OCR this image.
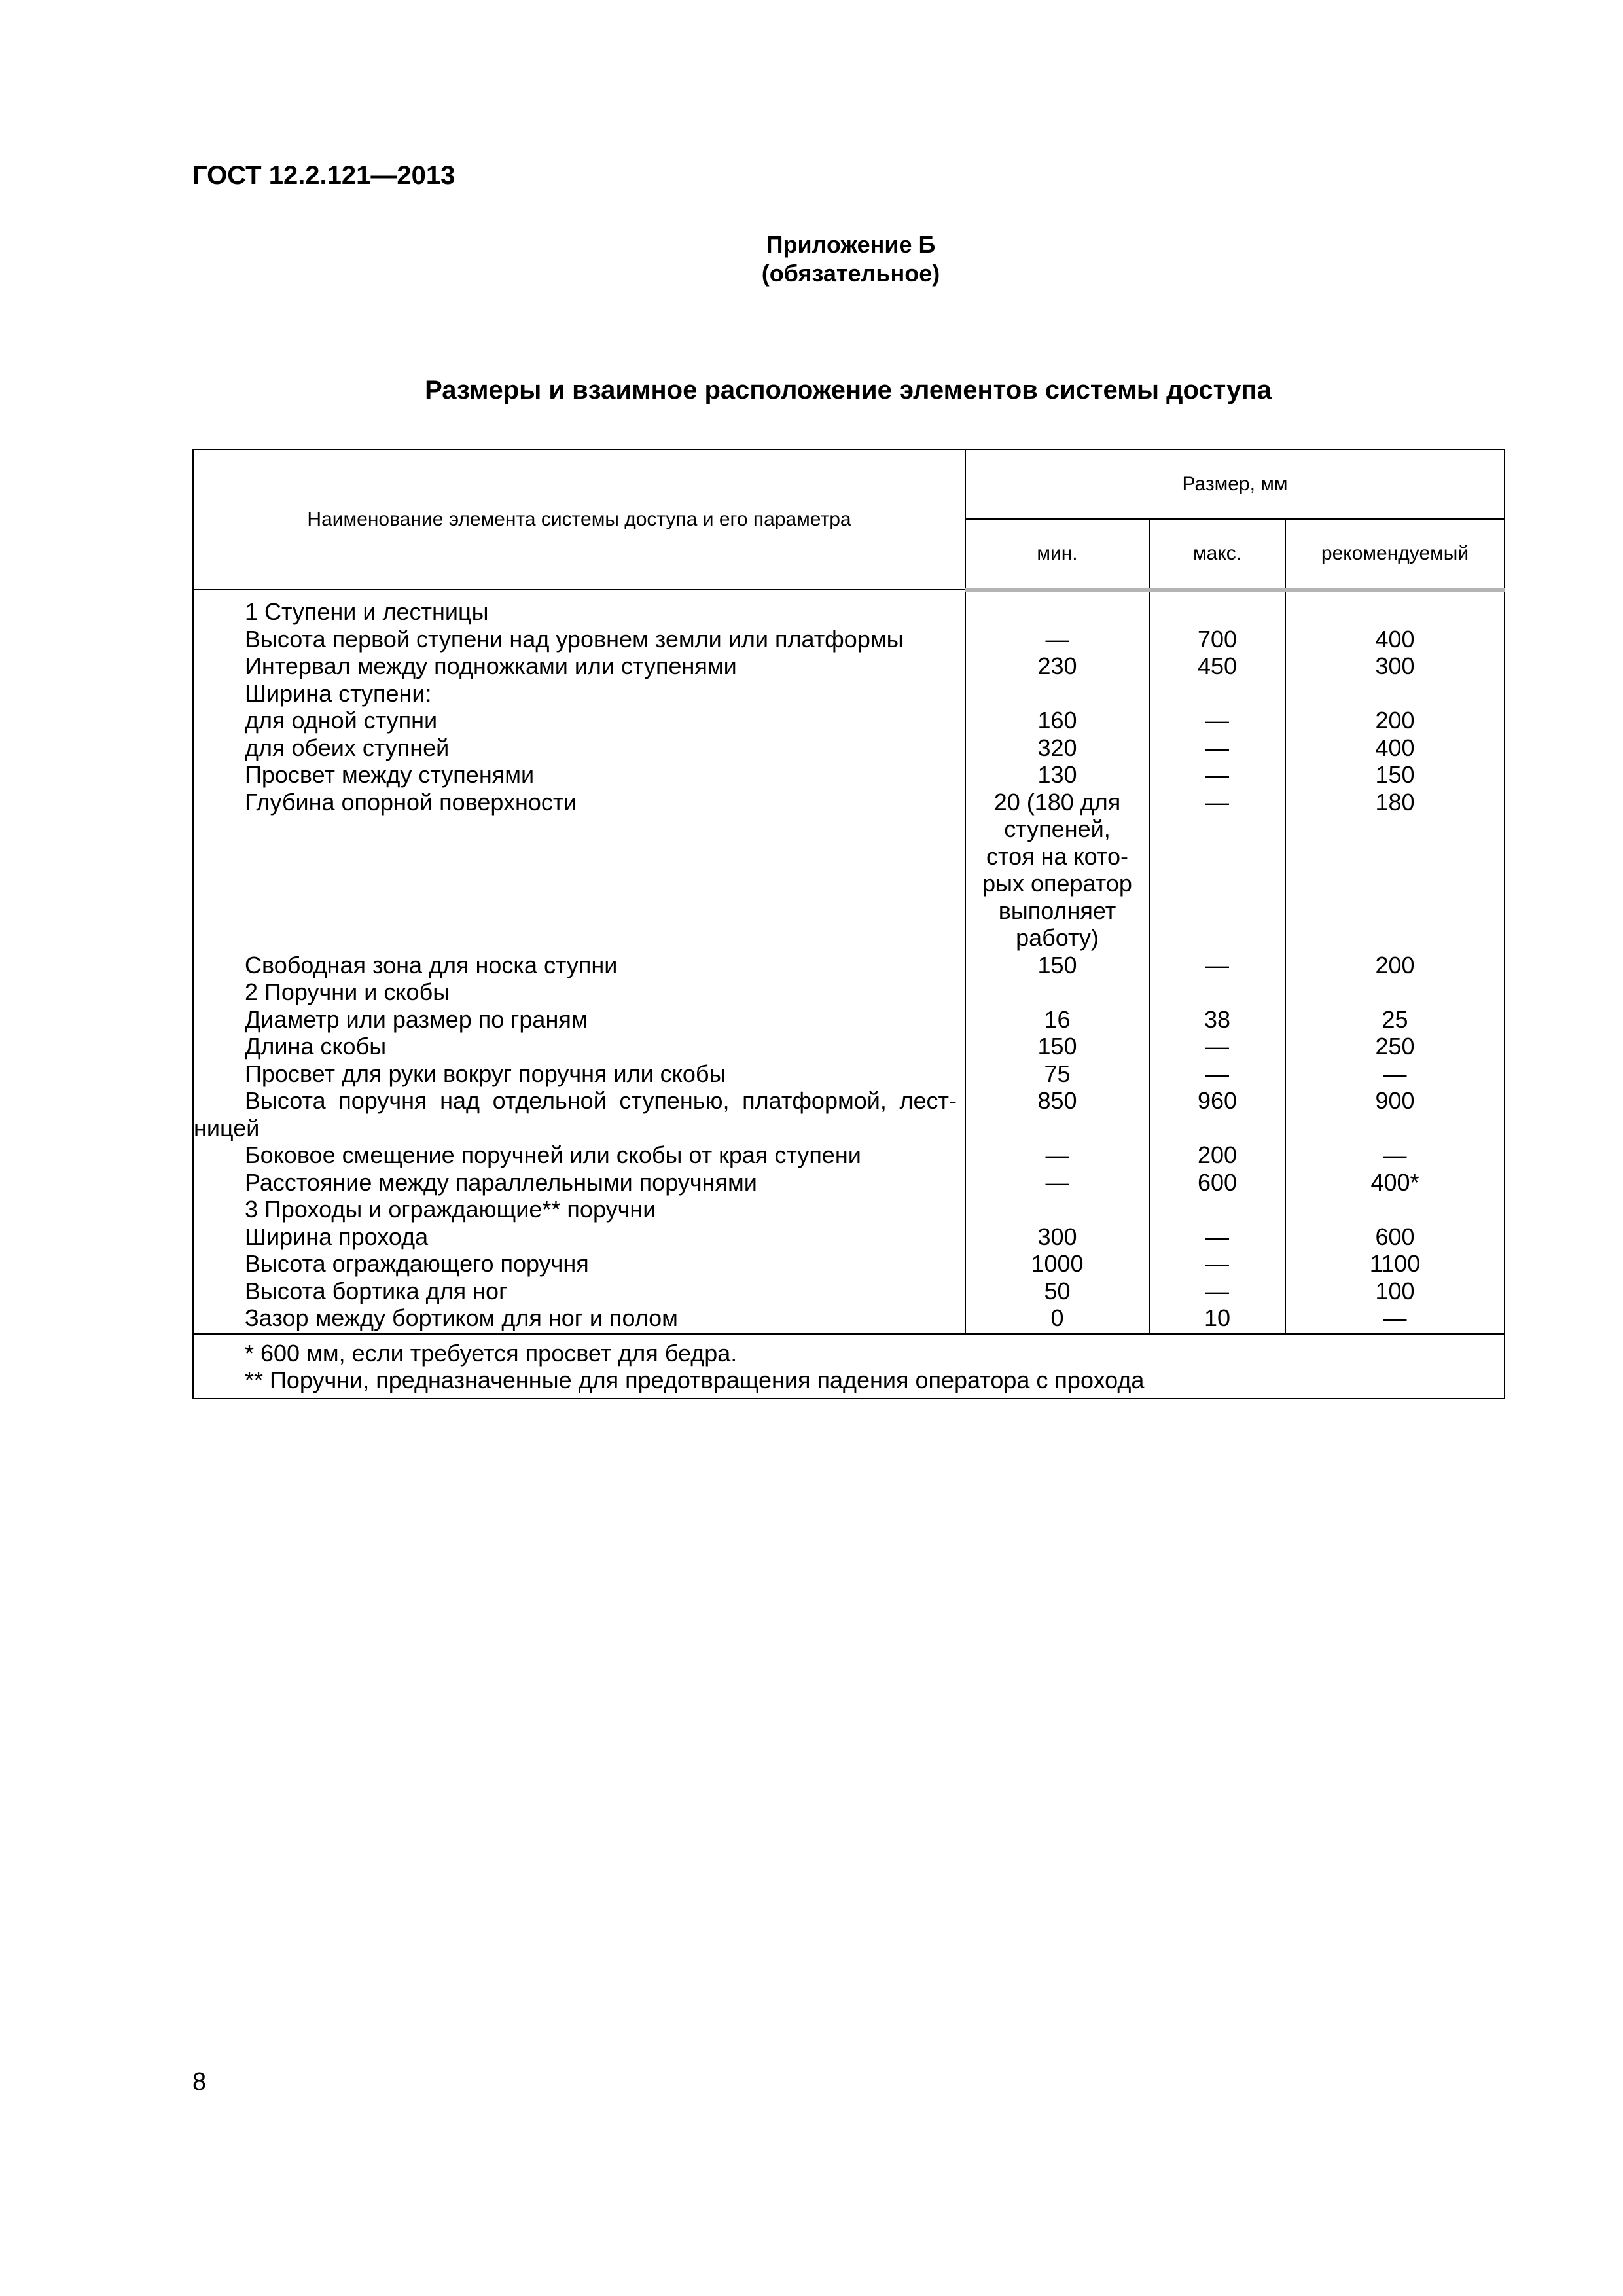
ГОСТ 12.2.121—2013
Приложение Б
(обязательное)
Размеры и взаимное расположение элементов системы доступа
Наименование элемента системы доступа и его параметра	Размер, мм		
	мин.	макс.	рекомендуемый

1 Ступени и лестницы			

Высота первой ступени над уровнем земли или платформы	—	700	400

Интервал между подножками или ступенями	230	450	300

Ширина ступени:			

для одной ступни	160	—	200

для обеих ступней	320	—	400

Просвет между ступенями	130	—	150

Глубина опорной поверхности	20 (180 для ступеней, стоя на кото-рых оператор выполняет работу)	—	180

Свободная зона для носка ступни	150	—	200

2 Поручни и скобы			

Диаметр или размер по граням	16	38	25

Длина скобы	150	—	250

Просвет для руки вокруг поручня или скобы	75	—	—

Высота поручня над отдельной ступенью, платформой, лест-ницей	850	960	900

Боковое смещение поручней или скобы от края ступени	—	200	—

Расстояние между параллельными поручнями	—	600	400*

3 Проходы и ограждающие** поручни			

Ширина прохода	300	—	600

Высота ограждающего поручня	1000	—	1100

Высота бортика для ног	50	—	100

Зазор между бортиком для ног и полом	0	10	—

* 600 мм, если требуется просвет для бедра.
** Поручни, предназначенные для предотвращения падения оператора с прохода			
8
